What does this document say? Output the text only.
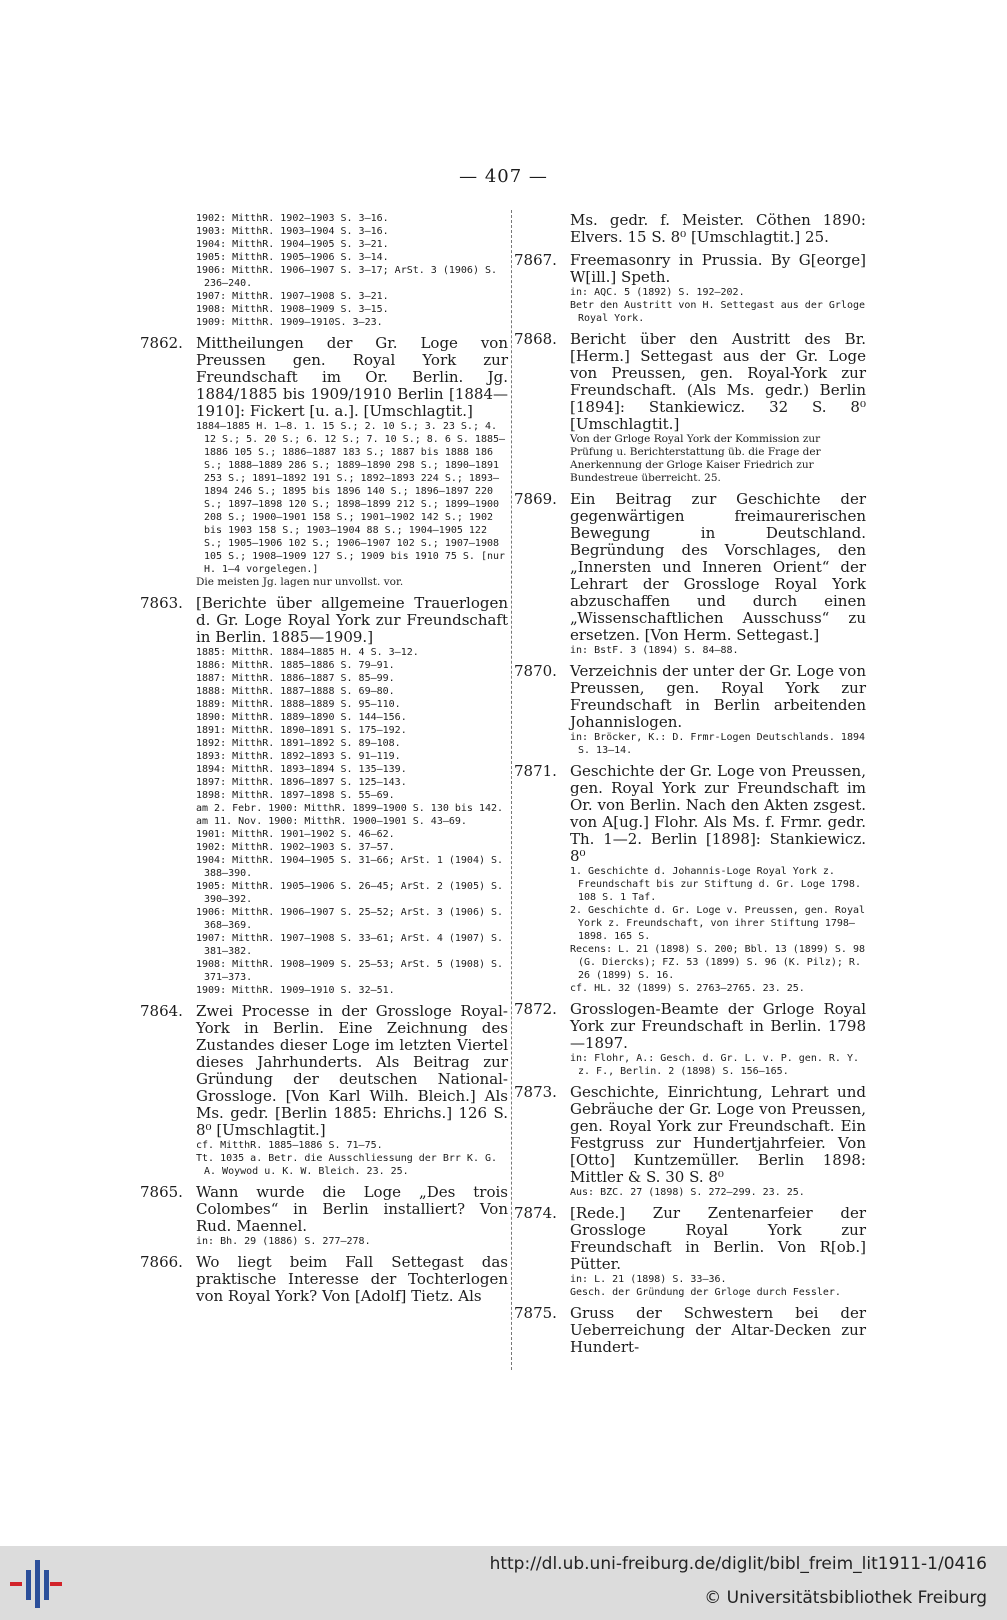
— 407 —

1902: MitthR. 1902—1903 S. 3—16.

1903: MitthR. 1903—1904 S. 3—16.

1904: MitthR. 1904—1905 S. 3—21.

1905: MitthR. 1905—1906 S. 3—14.

1906: MitthR. 1906—1907 S. 3—17; ArSt. 3 (1906) S. 236—240.

1907: MitthR. 1907—1908 S. 3—21.

1908: MitthR. 1908—1909 S. 3—15.

1909: MitthR. 1909—1910S. 3—23.

7862. Mittheilungen der Gr. Loge von Preussen gen. Royal York zur Freundschaft im Or. Berlin. Jg. 1884/1885 bis 1909/1910 Berlin [1884—1910]: Fickert [u. a.]. [Umschlagtit.]

1884—1885 H. 1—8. 1. 15 S.; 2. 10 S.; 3. 23 S.; 4. 12 S.; 5. 20 S.; 6. 12 S.; 7. 10 S.; 8. 6 S. 1885—1886 105 S.; 1886—1887 183 S.; 1887 bis 1888 186 S.; 1888—1889 286 S.; 1889—1890 298 S.; 1890—1891 253 S.; 1891—1892 191 S.; 1892—1893 224 S.; 1893—1894 246 S.; 1895 bis 1896 140 S.; 1896—1897 220 S.; 1897—1898 120 S.; 1898—1899 212 S.; 1899—1900 208 S.; 1900—1901 158 S.; 1901—1902 142 S.; 1902 bis 1903 158 S.; 1903—1904 88 S.; 1904—1905 122 S.; 1905—1906 102 S.; 1906—1907 102 S.; 1907—1908 105 S.; 1908—1909 127 S.; 1909 bis 1910 75 S. [nur H. 1—4 vorgelegen.]

Die meisten Jg. lagen nur unvollst. vor.

7863. [Berichte über allgemeine Trauerlogen d. Gr. Loge Royal York zur Freundschaft in Berlin. 1885—1909.]

1885: MitthR. 1884—1885 H. 4 S. 3—12.

1886: MitthR. 1885—1886 S. 79—91.

1887: MitthR. 1886—1887 S. 85—99.

1888: MitthR. 1887—1888 S. 69—80.

1889: MitthR. 1888—1889 S. 95—110.

1890: MitthR. 1889—1890 S. 144—156.

1891: MitthR. 1890—1891 S. 175—192.

1892: MitthR. 1891—1892 S. 89—108.

1893: MitthR. 1892—1893 S. 91—119.

1894: MitthR. 1893—1894 S. 135—139.

1897: MitthR. 1896—1897 S. 125—143.

1898: MitthR. 1897—1898 S. 55—69.

am 2. Febr. 1900: MitthR. 1899—1900 S. 130 bis 142.

am 11. Nov. 1900: MitthR. 1900—1901 S. 43—69.

1901: MitthR. 1901—1902 S. 46—62.

1902: MitthR. 1902—1903 S. 37—57.

1904: MitthR. 1904—1905 S. 31—66; ArSt. 1 (1904) S. 388—390.

1905: MitthR. 1905—1906 S. 26—45; ArSt. 2 (1905) S. 390—392.

1906: MitthR. 1906—1907 S. 25—52; ArSt. 3 (1906) S. 368—369.

1907: MitthR. 1907—1908 S. 33—61; ArSt. 4 (1907) S. 381—382.

1908: MitthR. 1908—1909 S. 25—53; ArSt. 5 (1908) S. 371—373.

1909: MitthR. 1909—1910 S. 32—51.

7864. Zwei Processe in der Grossloge Royal-York in Berlin. Eine Zeichnung des Zustandes dieser Loge im letzten Viertel dieses Jahrhunderts. Als Beitrag zur Gründung der deutschen National-Grossloge. [Von Karl Wilh. Bleich.] Als Ms. gedr. [Berlin 1885: Ehrichs.] 126 S. 8⁰ [Umschlagtit.]

cf. MitthR. 1885—1886 S. 71—75.

Tt. 1035 a. Betr. die Ausschliessung der Brr K. G. A. Woywod u. K. W. Bleich. 23. 25.

7865. Wann wurde die Loge „Des trois Colombes“ in Berlin installiert? Von Rud. Maennel.

in: Bh. 29 (1886) S. 277—278.

7866. Wo liegt beim Fall Settegast das praktische Interesse der Tochterlogen von Royal York? Von [Adolf] Tietz. Als
Ms. gedr. f. Meister. Cöthen 1890: Elvers. 15 S. 8⁰ [Umschlagtit.] 25.
7867. Freemasonry in Prussia. By G[eorge] W[ill.] Speth.

in: AQC. 5 (1892) S. 192—202.

Betr den Austritt von H. Settegast aus der Grloge Royal York.

7868. Bericht über den Austritt des Br. [Herm.] Settegast aus der Gr. Loge von Preussen, gen. Royal-York zur Freundschaft. (Als Ms. gedr.) Berlin [1894]: Stankiewicz. 32 S. 8⁰ [Umschlagtit.]

Von der Grloge Royal York der Kommission zur Prüfung u. Berichterstattung üb. die Frage der Anerkennung der Grloge Kaiser Friedrich zur Bundestreue überreicht. 25.

7869. Ein Beitrag zur Geschichte der gegenwärtigen freimaurerischen Bewegung in Deutschland. Begründung des Vorschlages, den „Innersten und Inneren Orient“ der Lehrart der Grossloge Royal York abzuschaffen und durch einen „Wissenschaftlichen Ausschuss“ zu ersetzen. [Von Herm. Settegast.]

in: BstF. 3 (1894) S. 84—88.

7870. Verzeichnis der unter der Gr. Loge von Preussen, gen. Royal York zur Freundschaft in Berlin arbeitenden Johannislogen.

in: Bröcker, K.: D. Frmr-Logen Deutschlands. 1894 S. 13—14.

7871. Geschichte der Gr. Loge von Preussen, gen. Royal York zur Freundschaft im Or. von Berlin. Nach den Akten zsgest. von A[ug.] Flohr. Als Ms. f. Frmr. gedr. Th. 1—2. Berlin [1898]: Stankiewicz. 8⁰

1. Geschichte d. Johannis-Loge Royal York z. Freundschaft bis zur Stiftung d. Gr. Loge 1798. 108 S. 1 Taf.

2. Geschichte d. Gr. Loge v. Preussen, gen. Royal York z. Freundschaft, von ihrer Stiftung 1798—1898. 165 S.

Recens: L. 21 (1898) S. 200; Bbl. 13 (1899) S. 98 (G. Diercks); FZ. 53 (1899) S. 96 (K. Pilz); R. 26 (1899) S. 16.

cf. HL. 32 (1899) S. 2763—2765. 23. 25.

7872. Grosslogen-Beamte der Grloge Royal York zur Freundschaft in Berlin. 1798—1897.

in: Flohr, A.: Gesch. d. Gr. L. v. P. gen. R. Y. z. F., Berlin. 2 (1898) S. 156—165.

7873. Geschichte, Einrichtung, Lehrart und Gebräuche der Gr. Loge von Preussen, gen. Royal York zur Freundschaft. Ein Festgruss zur Hundertjahrfeier. Von [Otto] Kuntzemüller. Berlin 1898: Mittler & S. 30 S. 8⁰

Aus: BZC. 27 (1898) S. 272—299. 23. 25.

7874. [Rede.] Zur Zentenarfeier der Grossloge Royal York zur Freundschaft in Berlin. Von R[ob.] Pütter.

in: L. 21 (1898) S. 33—36.

Gesch. der Gründung der Grloge durch Fessler.

7875. Gruss der Schwestern bei der Ueberreichung der Altar-Decken zur Hundert-
http://dl.ub.uni-freiburg.de/diglit/bibl_freim_lit1911-1/0416
© Universitätsbibliothek Freiburg
